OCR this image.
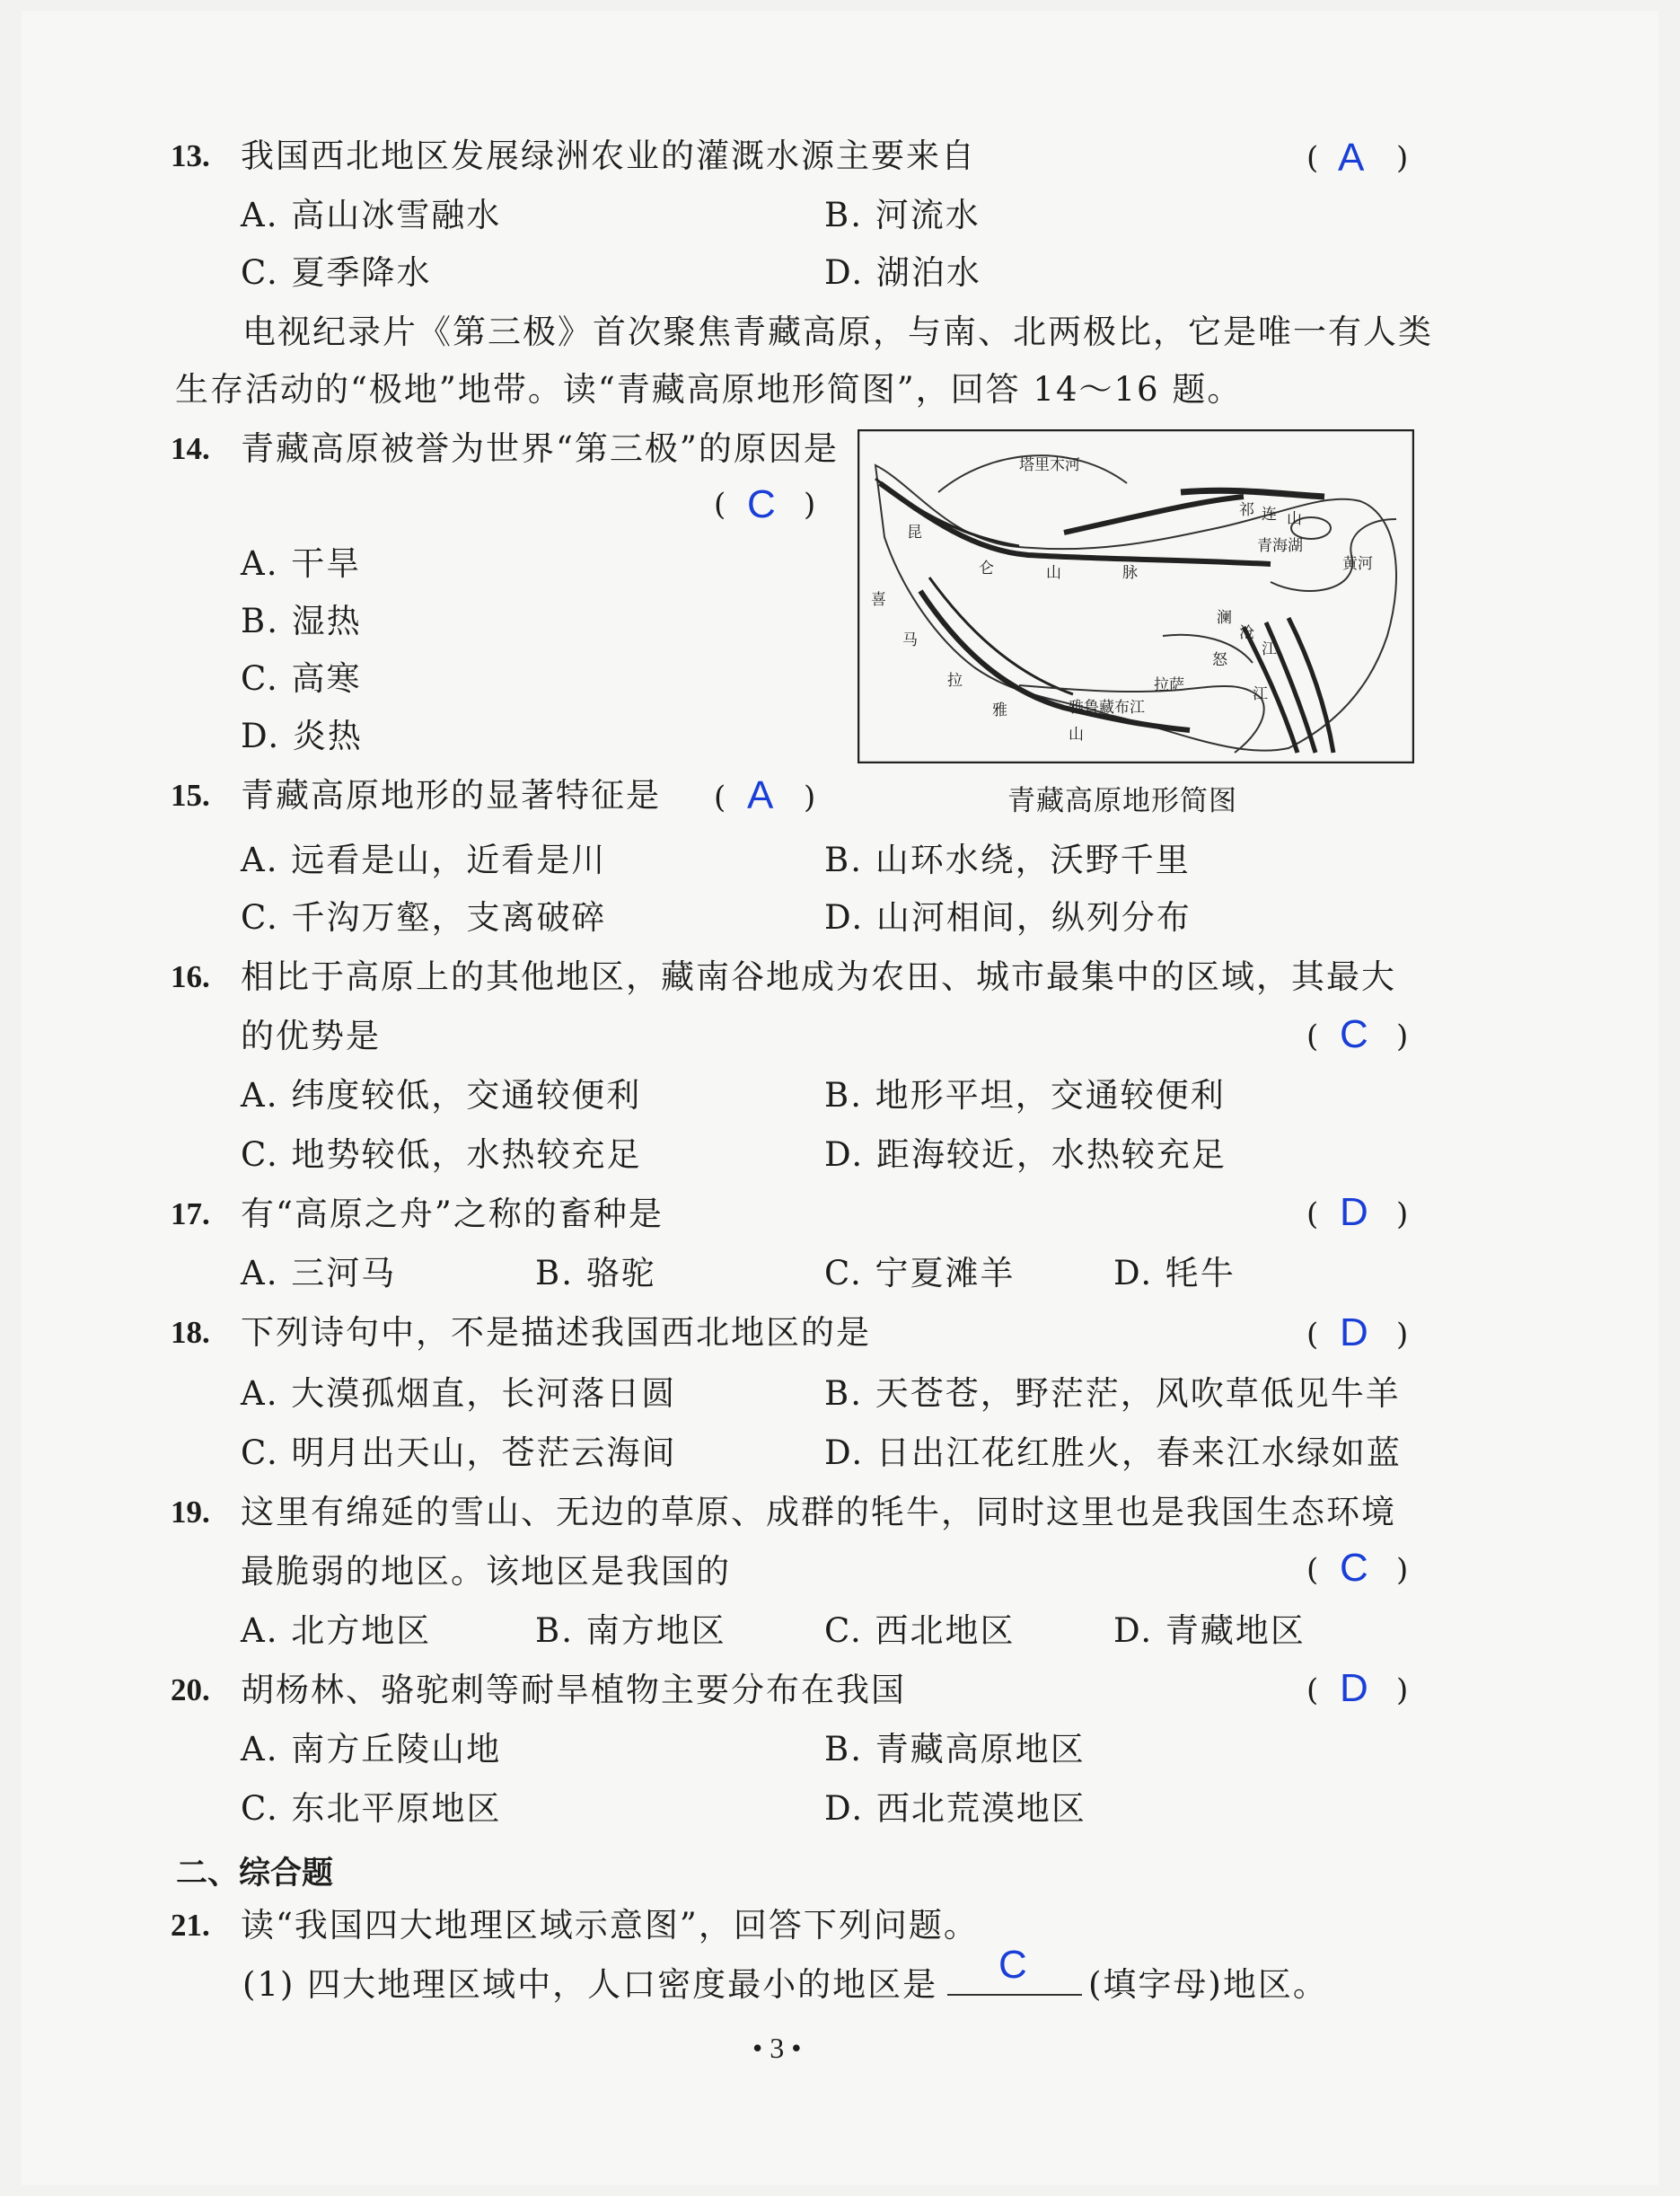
13. 我国西北地区发展绿洲农业的灌溉水源主要来自	( A )
A. 高山冰雪融水	B. 河流水
C. 夏季降水	D. 湖泊水
电视纪录片《第三极》首次聚焦青藏高原，与南、北两极比，它是唯一有人类
生存活动的“极地”地带。读“青藏高原地形简图”，回答 14～16 题。
14. 青藏高原被誉为世界“第三极”的原因是
( C )
A. 干旱
B. 湿热
C. 高寒
D. 炎热
塔里木河
祁 连 山
青海湖
黄河
昆
仑	山	脉
喜
马
拉
雅
山
澜
沧
江
怒
江
拉萨
雅鲁藏布江
青藏高原地形简图
15. 青藏高原地形的显著特征是 ( A )
A. 远看是山，近看是川	B. 山环水绕，沃野千里
C. 千沟万壑，支离破碎	D. 山河相间，纵列分布
16. 相比于高原上的其他地区，藏南谷地成为农田、城市最集中的区域，其最大
的优势是	( C )
A. 纬度较低，交通较便利	B. 地形平坦，交通较便利
C. 地势较低，水热较充足	D. 距海较近，水热较充足
17. 有“高原之舟”之称的畜种是	( D )
A. 三河马	B. 骆驼	C. 宁夏滩羊	D. 牦牛
18. 下列诗句中，不是描述我国西北地区的是	( D )
A. 大漠孤烟直，长河落日圆	B. 天苍苍，野茫茫，风吹草低见牛羊
C. 明月出天山，苍茫云海间	D. 日出江花红胜火，春来江水绿如蓝
19. 这里有绵延的雪山、无边的草原、成群的牦牛，同时这里也是我国生态环境
最脆弱的地区。该地区是我国的	( C )
A. 北方地区	B. 南方地区	C. 西北地区	D. 青藏地区
20. 胡杨林、骆驼刺等耐旱植物主要分布在我国	( D )
A. 南方丘陵山地	B. 青藏高原地区
C. 东北平原地区	D. 西北荒漠地区
二、综合题
21. 读“我国四大地理区域示意图”，回答下列问题。
(1) 四大地理区域中，人口密度最小的地区是 C (填字母)地区。
• 3 •
